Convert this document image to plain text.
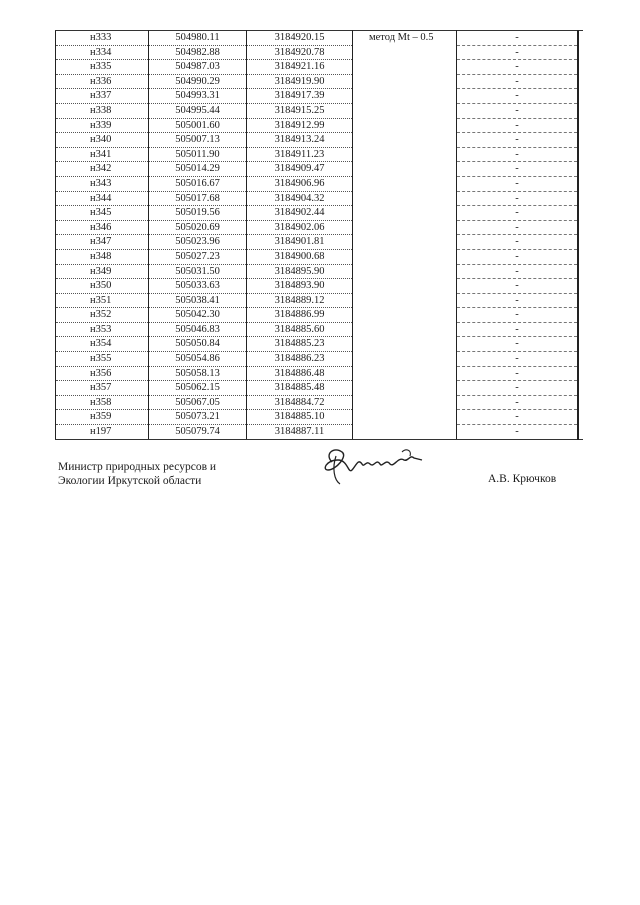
н333	504980.11	3184920.15	метод Mt – 0.5	-	
н334	504982.88	3184920.78		-	
н335	504987.03	3184921.16		-	
н336	504990.29	3184919.90		-	
н337	504993.31	3184917.39		-	
н338	504995.44	3184915.25		-	
н339	505001.60	3184912.99		-	
н340	505007.13	3184913.24		-	
н341	505011.90	3184911.23		-	
н342	505014.29	3184909.47		-	
н343	505016.67	3184906.96		-	
н344	505017.68	3184904.32		-	
н345	505019.56	3184902.44		-	
н346	505020.69	3184902.06		-	
н347	505023.96	3184901.81		-	
н348	505027.23	3184900.68		-	
н349	505031.50	3184895.90		-	
н350	505033.63	3184893.90		-	
н351	505038.41	3184889.12		-	
н352	505042.30	3184886.99		-	
н353	505046.83	3184885.60		-	
н354	505050.84	3184885.23		-	
н355	505054.86	3184886.23		-	
н356	505058.13	3184886.48		-	
н357	505062.15	3184885.48		-	
н358	505067.05	3184884.72		-	
н359	505073.21	3184885.10		-	
н197	505079.74	3184887.11		-	
Министр природных ресурсов и
Экологии Иркутской области	А.В. Крючков
